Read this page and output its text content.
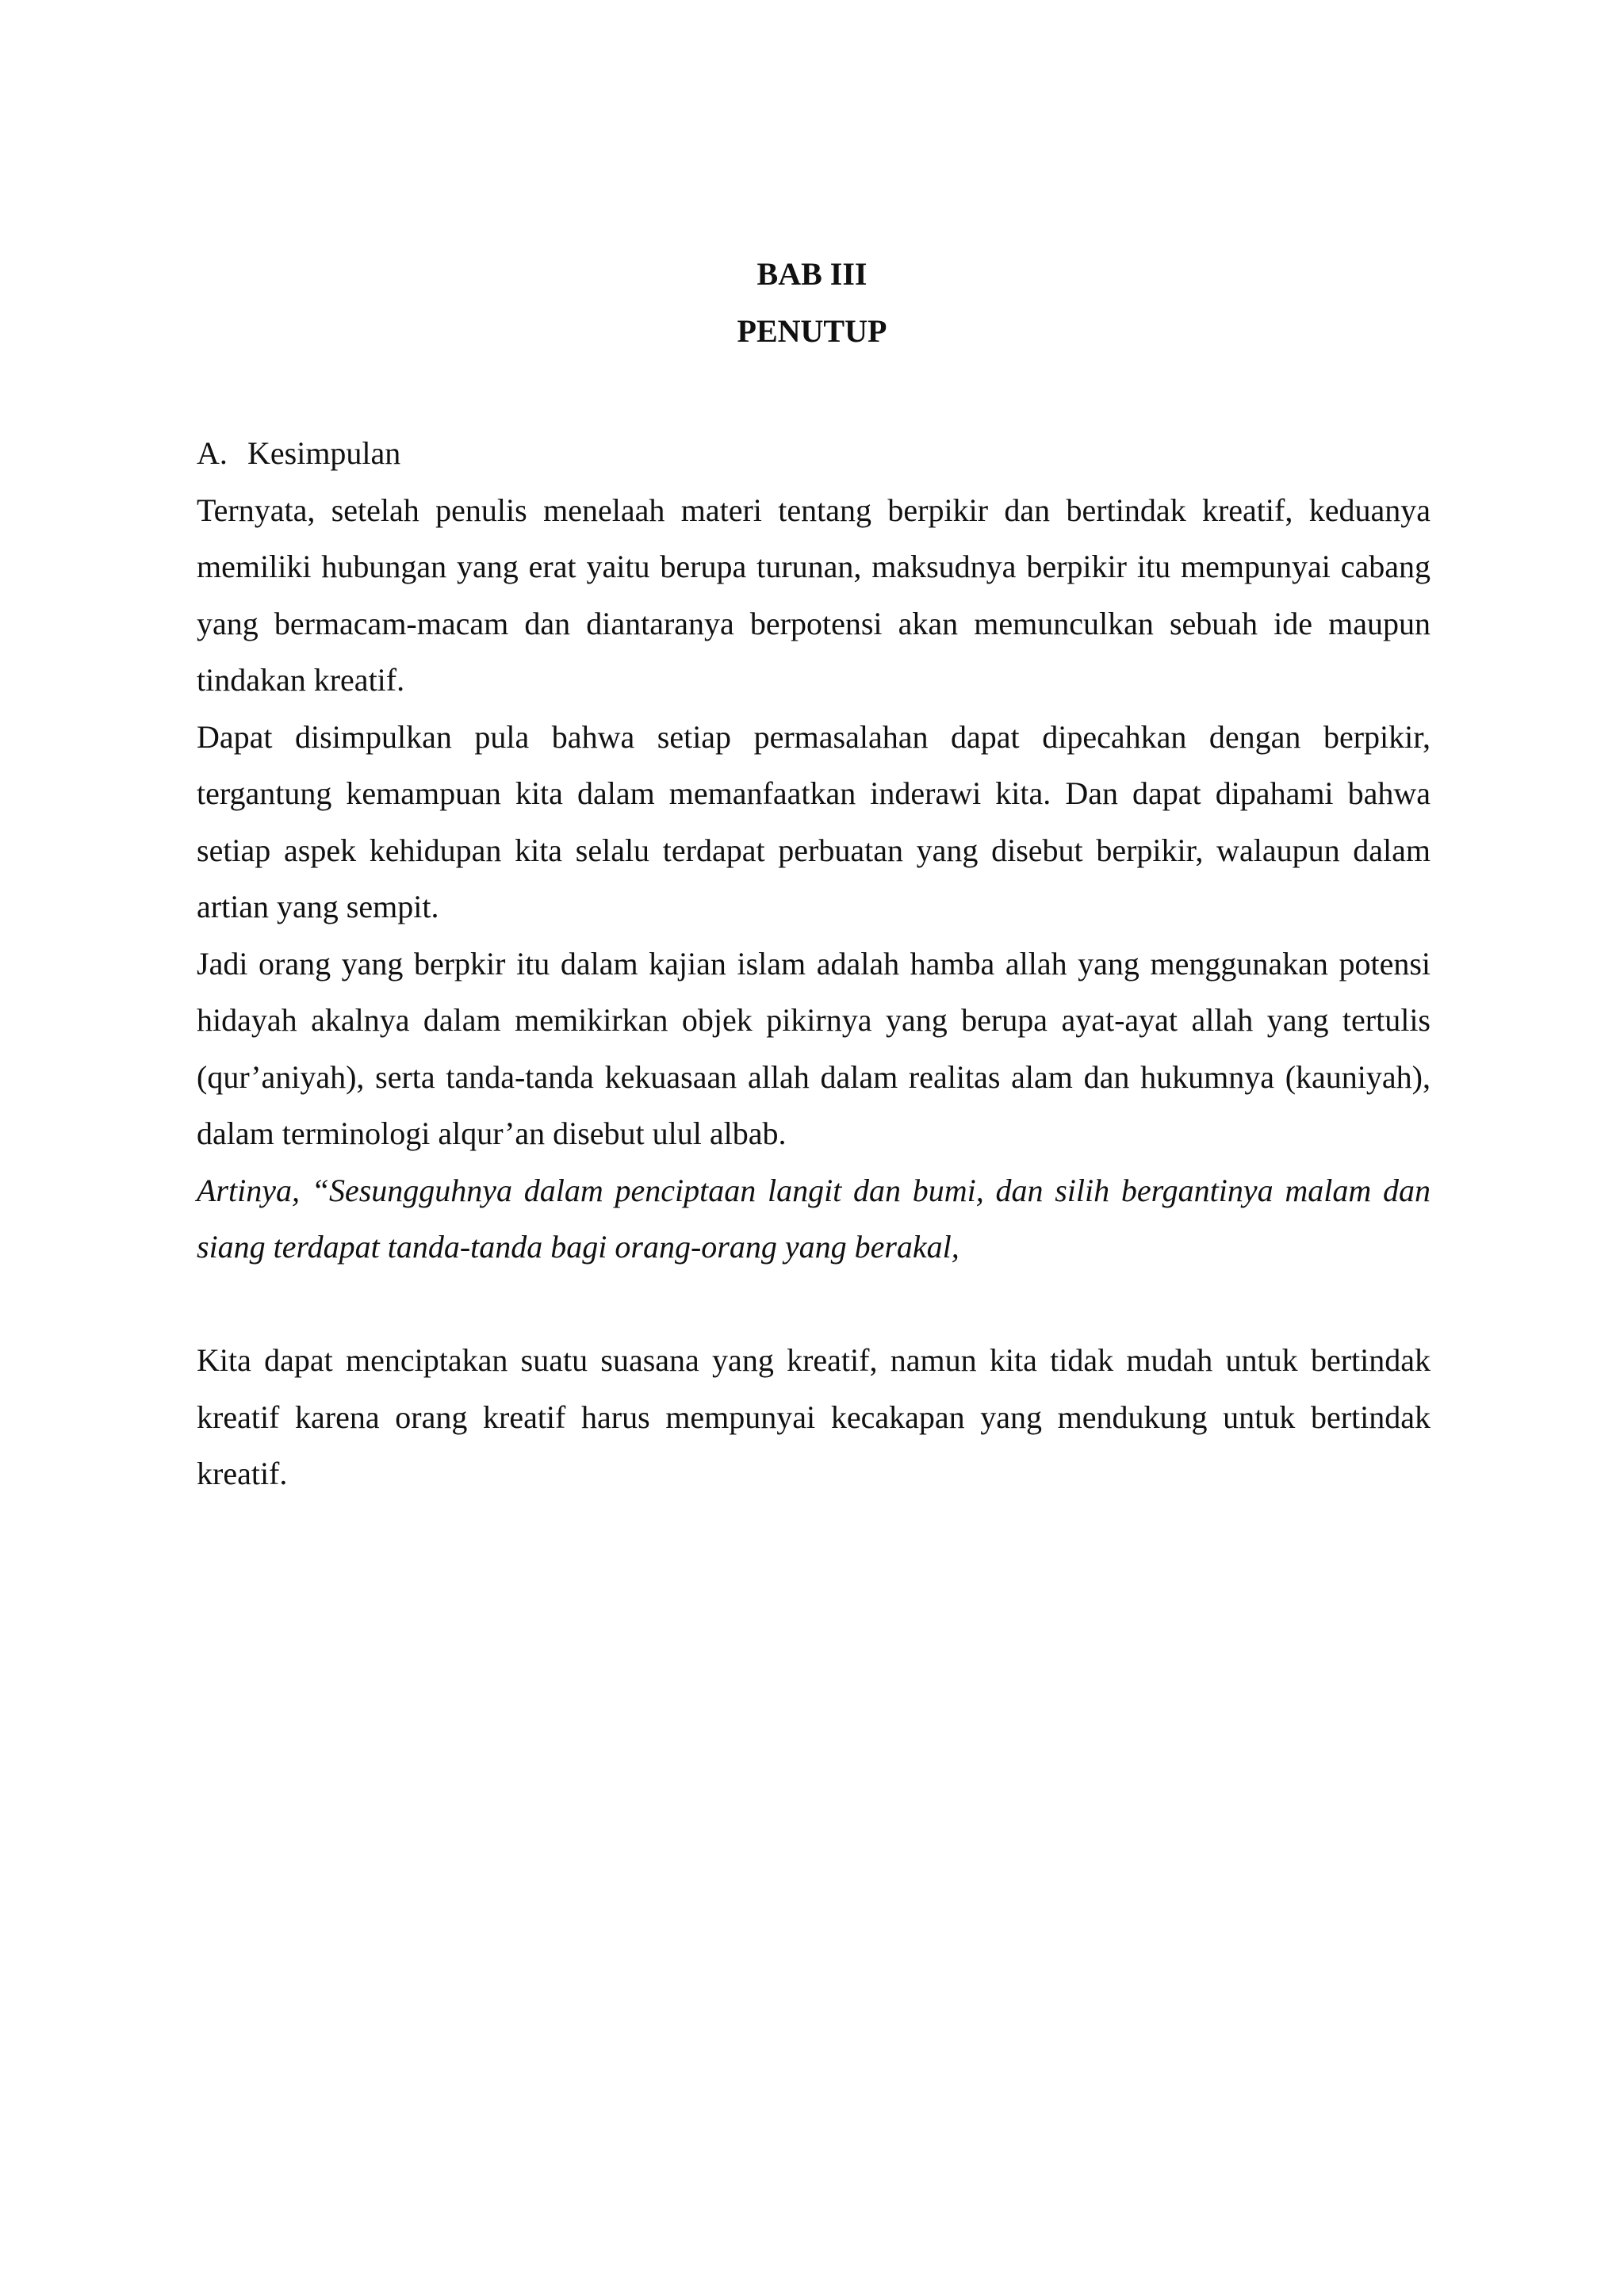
BAB III
PENUTUP
A. Kesimpulan

Ternyata, setelah penulis menelaah materi tentang berpikir dan bertindak kreatif, keduanya memiliki hubungan yang erat yaitu berupa turunan, maksudnya berpikir itu mempunyai cabang yang bermacam-macam dan diantaranya berpotensi akan memunculkan sebuah ide maupun tindakan kreatif.

Dapat disimpulkan pula bahwa setiap permasalahan dapat dipecahkan dengan berpikir, tergantung kemampuan kita dalam memanfaatkan inderawi kita. Dan dapat dipahami bahwa setiap aspek kehidupan kita selalu terdapat perbuatan yang disebut berpikir, walaupun dalam artian yang sempit.

Jadi orang yang berpkir itu dalam kajian islam adalah hamba allah yang menggunakan potensi hidayah akalnya dalam memikirkan objek pikirnya yang berupa ayat-ayat allah yang tertulis (qur’aniyah), serta tanda-tanda kekuasaan allah dalam realitas alam dan hukumnya (kauniyah), dalam terminologi alqur’an disebut ulul albab.

Artinya, “Sesungguhnya dalam penciptaan langit dan bumi, dan silih bergantinya malam dan siang terdapat tanda-tanda bagi orang-orang yang berakal,

Kita dapat menciptakan suatu suasana yang kreatif, namun kita tidak mudah untuk bertindak kreatif karena orang kreatif harus mempunyai kecakapan yang mendukung untuk bertindak kreatif.
